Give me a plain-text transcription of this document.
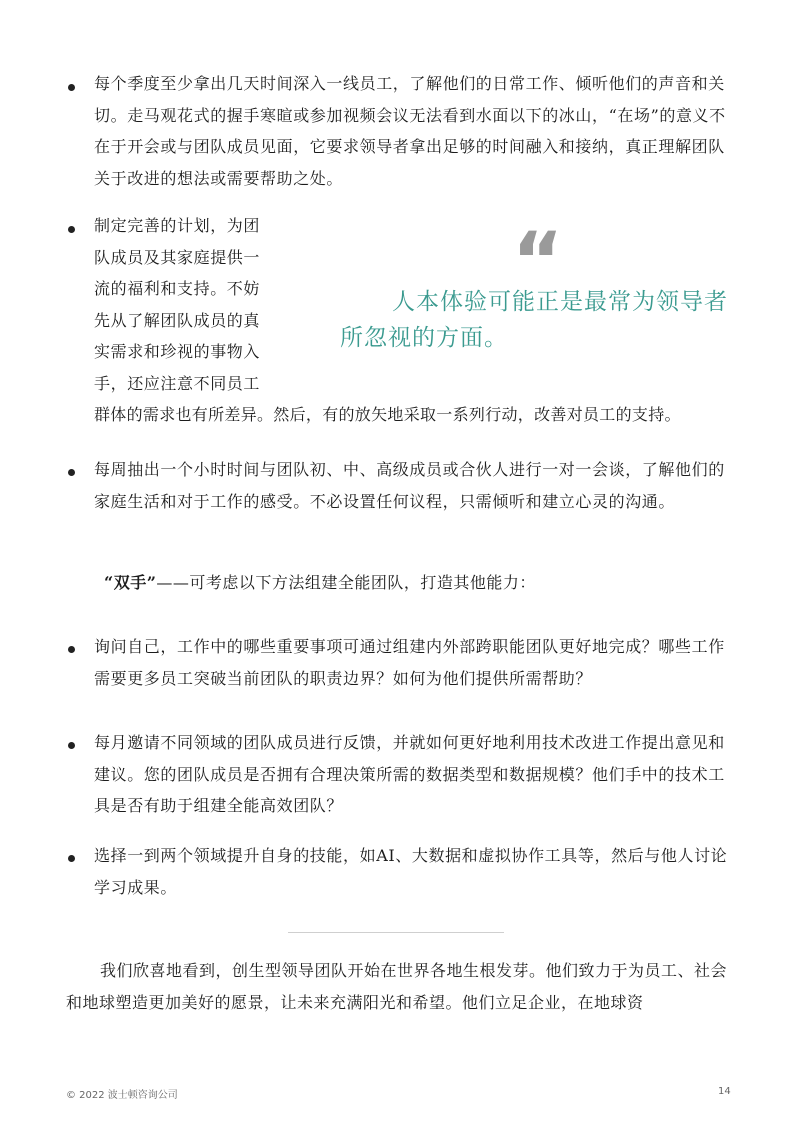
每个季度至少拿出几天时间深入一线员工，了解他们的日常工作、倾听他们的声音和关切。走马观花式的握手寒暄或参加视频会议无法看到水面以下的冰山，“在场”的意义不在于开会或与团队成员见面，它要求领导者拿出足够的时间融入和接纳，真正理解团队关于改进的想法或需要帮助之处。
制定完善的计划，为团
队成员及其家庭提供一
流的福利和支持。不妨
先从了解团队成员的真
实需求和珍视的事物入
手，还应注意不同员工
群体的需求也有所差异。然后，有的放矢地采取一系列行动，改善对员工的支持。
“
人本体验可能正是最常为领导者所忽视的方面。
每周抽出一个小时时间与团队初、中、高级成员或合伙人进行一对一会谈，了解他们的家庭生活和对于工作的感受。不必设置任何议程，只需倾听和建立心灵的沟通。
“双手”——可考虑以下方法组建全能团队，打造其他能力：
询问自己，工作中的哪些重要事项可通过组建内外部跨职能团队更好地完成？哪些工作需要更多员工突破当前团队的职责边界？如何为他们提供所需帮助？
每月邀请不同领域的团队成员进行反馈，并就如何更好地利用技术改进工作提出意见和建议。您的团队成员是否拥有合理决策所需的数据类型和数据规模？他们手中的技术工具是否有助于组建全能高效团队？
选择一到两个领域提升自身的技能，如AI、大数据和虚拟协作工具等，然后与他人讨论学习成果。
我们欣喜地看到，创生型领导团队开始在世界各地生根发芽。他们致力于为员工、社会和地球塑造更加美好的愿景，让未来充满阳光和希望。他们立足企业，在地球资
© 2022 波士顿咨询公司	14
